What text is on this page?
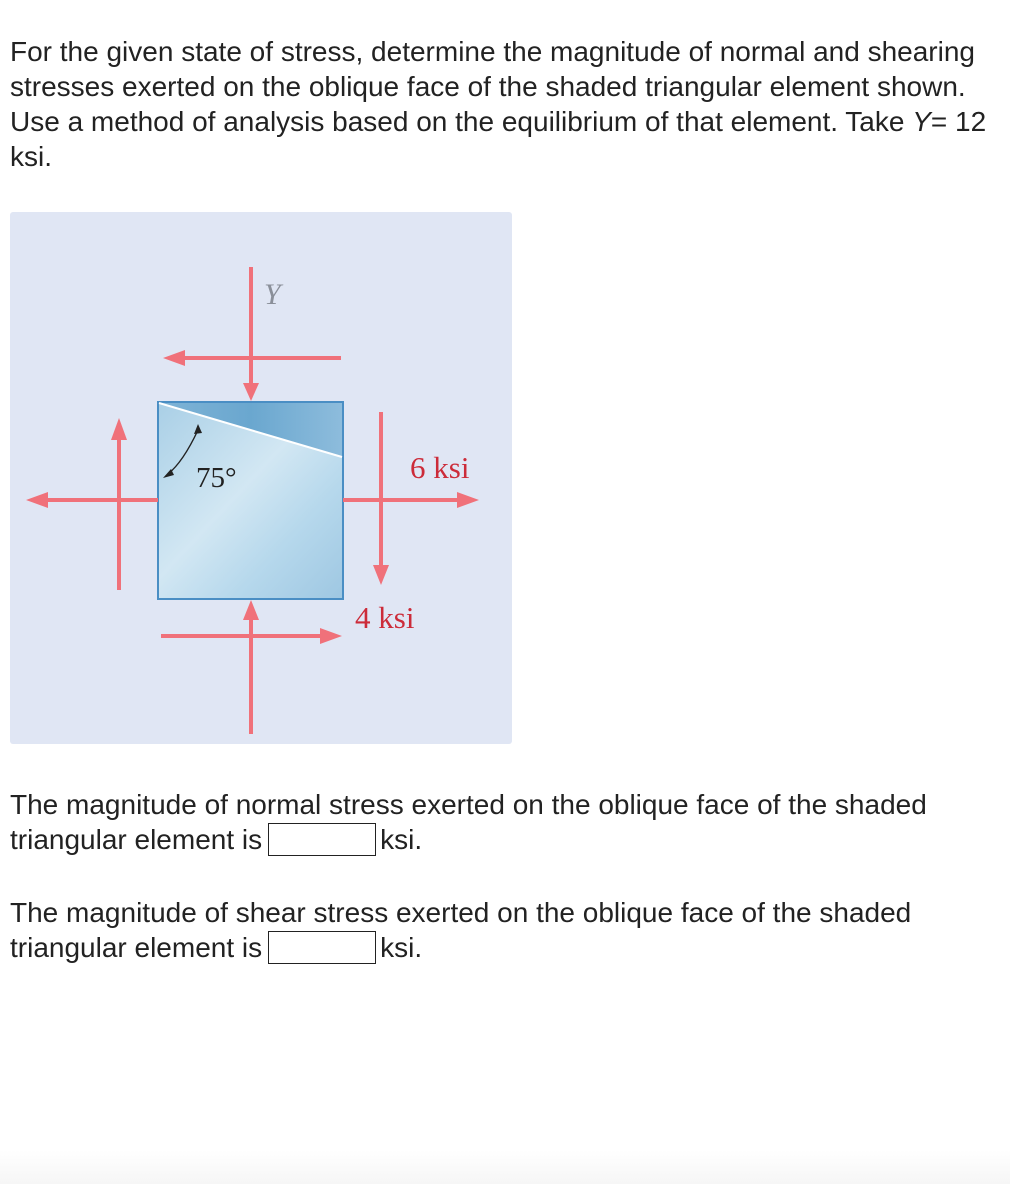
For the given state of stress, determine the magnitude of normal and shearing stresses exerted on the oblique face of the shaded triangular element shown. Use a method of analysis based on the equilibrium of that element. Take Y= 12 ksi.

Y
75°	6 ksi
4 ksi

The magnitude of normal stress exerted on the oblique face of the shaded triangular element is	ksi.

The magnitude of shear stress exerted on the oblique face of the shaded triangular element is	ksi.
